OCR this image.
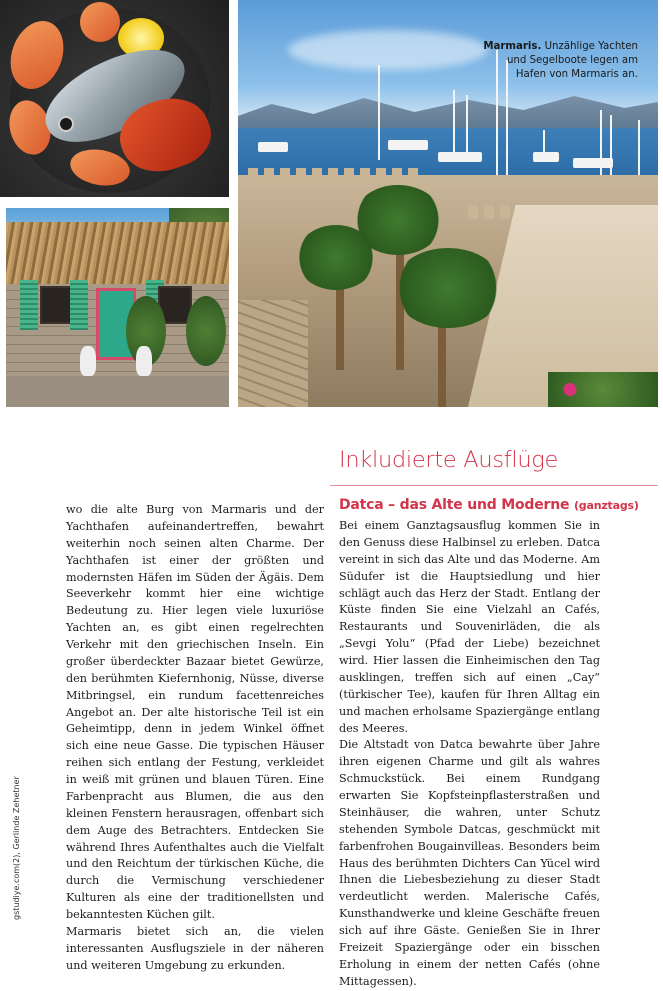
Marmaris. Unzählige Yachten und Segelboote legen am Hafen von Marmaris an.
Inkludierte Ausflüge
Datca – das Alte und Moderne (ganztags)

wo die alte Burg von Marmaris und der Yachthafen aufeinandertreffen, bewahrt weiterhin noch seinen alten Charme. Der Yachthafen ist einer der größten und modernsten Häfen im Süden der Ägäis. Dem Seeverkehr kommt hier eine wichtige Bedeutung zu. Hier legen viele luxuriöse Yachten an, es gibt einen regelrechten Verkehr mit den griechischen Inseln. Ein großer überdeckter Bazaar bietet Gewürze, den berühmten Kiefernhonig, Nüsse, diverse Mitbringsel, ein rundum facettenreiches Angebot an. Der alte historische Teil ist ein Geheimtipp, denn in jedem Winkel öffnet sich eine neue Gasse. Die typischen Häuser reihen sich entlang der Festung, verkleidet in weiß mit grünen und blauen Türen. Eine Farbenpracht aus Blumen, die aus den kleinen Fenstern herausragen, offenbart sich dem Auge des Betrachters. Entdecken Sie während Ihres Aufenthaltes auch die Vielfalt und den Reichtum der türkischen Küche, die durch die Vermischung verschiedener Kulturen als eine der traditionellsten und bekanntesten Küchen gilt.

Marmaris bietet sich an, die vielen interessanten Ausflugsziele in der näheren und weiteren Umgebung zu erkunden.

Bei einem Ganztagsausflug kommen Sie in den Genuss diese Halbinsel zu erleben. Datca vereint in sich das Alte und das Moderne. Am Südufer ist die Hauptsiedlung und hier schlägt auch das Herz der Stadt. Entlang der Küste finden Sie eine Vielzahl an Cafés, Restaurants und Souvenirläden, die als „Sevgi Yolu“ (Pfad der Liebe) bezeichnet wird. Hier lassen die Einheimischen den Tag ausklingen, treffen sich auf einen „Cay“ (türkischer Tee), kaufen für Ihren Alltag ein und machen erholsame Spaziergänge entlang des Meeres.

Die Altstadt von Datca bewahrte über Jahre ihren eigenen Charme und gilt als wahres Schmuckstück. Bei einem Rundgang erwarten Sie Kopfsteinpflasterstraßen und Steinhäuser, die wahren, unter Schutz stehenden Symbole Datcas, geschmückt mit farbenfrohen Bougainvilleas. Besonders beim Haus des berühmten Dichters Can Yücel wird Ihnen die Liebesbeziehung zu dieser Stadt verdeutlicht werden. Malerische Cafés, Kunsthandwerke und kleine Geschäfte freuen sich auf ihre Gäste. Genießen Sie in Ihrer Freizeit Spaziergänge oder ein bisschen Erholung in einem der netten Cafés (ohne Mittagessen).

gstudiye.com(2), Gerlinde Zehetner
